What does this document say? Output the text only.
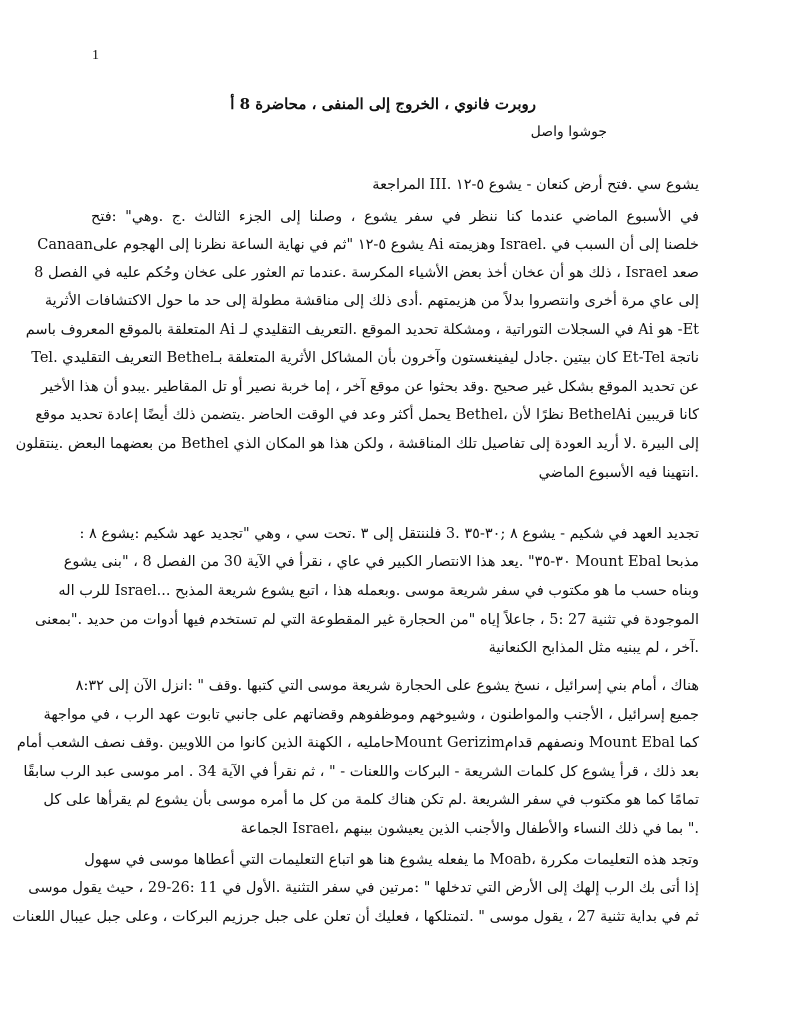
1
روبرت فانوي ، الخروج إلى المنفى ، محاضرة 8 أ
جوشوا واصل
يشوع سي .فتح أرض كنعان - يشوع ٥-١٢ .III المراجعة
في الأسبوع الماضي عندما كنا ننظر في سفر يشوع ، وصلنا إلى الجزء الثالث .ج .وهي" :فتح
خلصنا إلى أن السبب في .Israel وهزيمته Ai يشوع ٥-١٢ "ثم في نهاية الساعة نظرنا إلى الهجوم علىCanaan
صعد Israel ، ذلك هو أن عخان أخذ بعض الأشياء المكرسة .عندما تم العثور على عخان وحُكم عليه في الفصل 8
إلى عاي مرة أخرى وانتصروا بدلاً من هزيمتهم .أدى ذلك إلى مناقشة مطولة إلى حد ما حول الاكتشافات الأثرية
Et- هو Ai في السجلات التوراتية ، ومشكلة تحديد الموقع .التعريف التقليدي لـ Ai المتعلقة بالموقع المعروف باسم
ناتجة Et-Tel كان بيتين .جادل ليفينغستون وآخرون بأن المشاكل الأثرية المتعلقة بـBethel التعريف التقليدي .Tel
عن تحديد الموقع بشكل غير صحيح .وقد بحثوا عن موقع آخر ، إما خربة نصير أو تل المقاطير .يبدو أن هذا الأخير
كانا قريبين BethelAi نظرًا لأن ،Bethel يحمل أكثر وعد في الوقت الحاضر .يتضمن ذلك أيضًا إعادة تحديد موقع
إلى البيرة .لا أريد العودة إلى تفاصيل تلك المناقشة ، ولكن هذا هو المكان الذي Bethel من بعضهما البعض .ينتقلون
.انتهينا فيه الأسبوع الماضي
تجديد العهد في شكيم - يشوع ٨ ;٣٠-٣٥ .3 فلننتقل إلى ٣ .تحت سي ، وهي "تجديد عهد شكيم :يشوع ٨ :
مذبحا Mount Ebal ٣٠-٣٥" .يعد هذا الانتصار الكبير في عاي ، نقرأ في الآية 30 من الفصل 8 ، "بنى يشوع
وبناه حسب ما هو مكتوب في سفر شريعة موسى .وبعمله هذا ، اتبع يشوع شريعة المذبح ...Israel للرب اله
الموجودة في تثنية 27 :5 ، جاعلاً إياه "من الحجارة غير المقطوعة التي لم تستخدم فيها أدوات من حديد ."بمعنى
.آخر ، لم يبنيه مثل المذابح الكنعانية
هناك ، أمام بني إسرائيل ، نسخ يشوع على الحجارة شريعة موسى التي كتبها .وقف " :انزل الآن إلى ٨:٣٢
جميع إسرائيل ، الأجنب والمواطنون ، وشيوخهم وموظفوهم وقضاتهم على جانبي تابوت عهد الرب ، في مواجهة
كما Mount Ebal ونصفهم قدامMount Gerizimحامليه ، الكهنة الذين كانوا من اللاويين .وقف نصف الشعب أمام
بعد ذلك ، قرأ يشوع كل كلمات الشريعة - البركات واللعنات - " ، ثم نقرأ في الآية 34 . امر موسى عبد الرب سابقًا
تمامًا كما هو مكتوب في سفر الشريعة .لم تكن هناك كلمة من كل ما أمره موسى بأن يشوع لم يقرأها على كل
." بما في ذلك النساء والأطفال والأجنب الذين يعيشون بينهم ،Israel الجماعة
وتجد هذه التعليمات مكررة ،Moab ما يفعله يشوع هنا هو اتباع التعليمات التي أعطاها موسى في سهول
إذا أتى بك الرب إلهك إلى الأرض التي تدخلها " :مرتين في سفر التثنية .الأول في 11 :26-29 ، حيث يقول موسى
ثم في بداية تثنية 27 ، يقول موسى " .لتمتلكها ، فعليك أن تعلن على جبل جرزيم البركات ، وعلى جبل عيبال اللعنات
